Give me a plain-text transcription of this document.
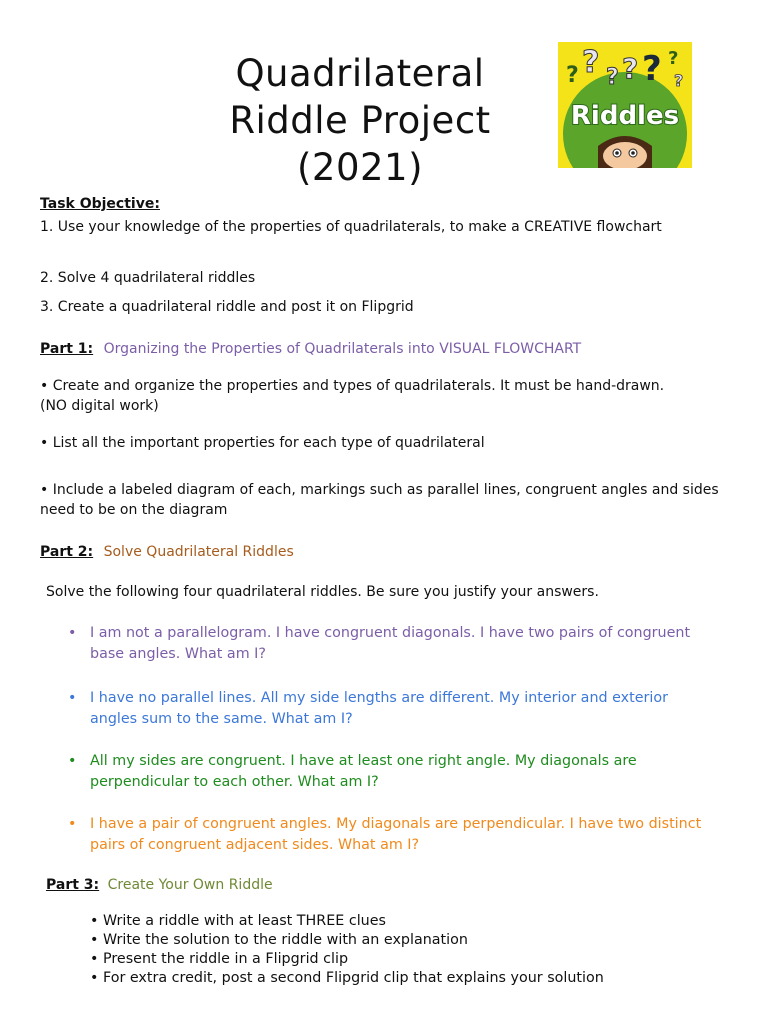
Quadrilateral
Riddle Project
(2021)
? ? ? ? ? ?
?
Riddles
Task Objective:
1. Use your knowledge of the properties of quadrilaterals, to make a CREATIVE flowchart
2. Solve 4 quadrilateral riddles
3. Create a quadrilateral riddle and post it on Flipgrid
Part 1: Organizing the Properties of Quadrilaterals into VISUAL FLOWCHART
• Create and organize the properties and types of quadrilaterals. It must be hand-drawn. (NO digital work)
• List all the important properties for each type of quadrilateral
• Include a labeled diagram of each, markings such as parallel lines, congruent angles and sides need to be on the diagram
Part 2: Solve Quadrilateral Riddles
Solve the following four quadrilateral riddles. Be sure you justify your answers.
• I am not a parallelogram. I have congruent diagonals. I have two pairs of congruent base angles. What am I?
• I have no parallel lines. All my side lengths are different. My interior and exterior angles sum to the same. What am I?
• All my sides are congruent. I have at least one right angle. My diagonals are perpendicular to each other. What am I?
• I have a pair of congruent angles. My diagonals are perpendicular. I have two distinct pairs of congruent adjacent sides. What am I?
Part 3: Create Your Own Riddle
• Write a riddle with at least THREE clues
• Write the solution to the riddle with an explanation
• Present the riddle in a Flipgrid clip
• For extra credit, post a second Flipgrid clip that explains your solution
